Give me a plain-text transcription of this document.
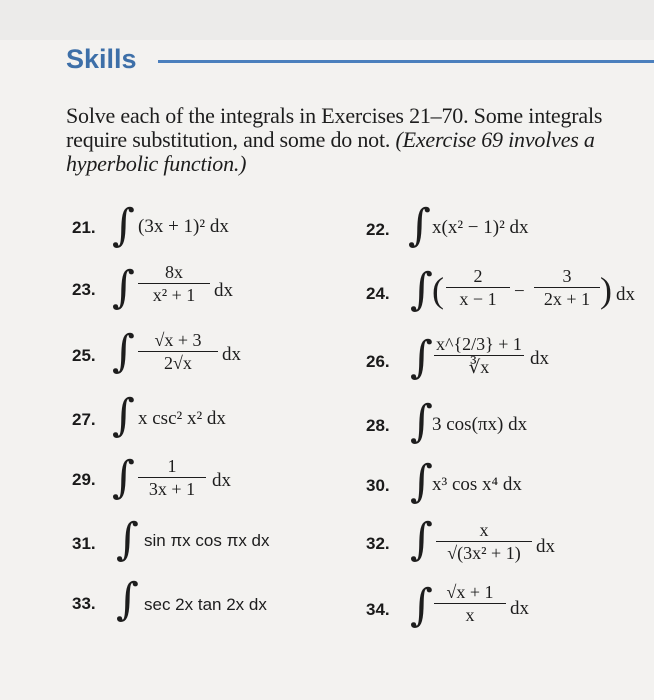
Skills
Solve each of the integrals in Exercises 21–70. Some integrals require substitution, and some do not. (Exercise 69 involves a hyperbolic function.)
21. ∫ (3x + 1)² dx	22. ∫ x(x² − 1)² dx
23. ∫ $\frac{8x}{\text{x² + 1}}$ dx	24. ∫ ( $\frac{2}{x - 1} - \frac{3}{2x + 1}$ ) dx
25. ∫ $\frac{√x + 3}{2√x}$ dx	26. ∫ $\frac{x\^{}\{2/3\} + 1}{∛x}$ dx
27. ∫ x csc² x² dx	28. ∫ 3 cos(πx) dx
29. ∫ $\frac{1}{3x + 1}$ dx	30. ∫ x³ cos x⁴ dx
31. ∫ sin πx cos πx dx	32. ∫ $\frac{x}{\text{√(3x² + 1)}}$ dx
33. ∫ sec 2x tan 2x dx	34. ∫ $\frac{√x + 1}{x}$ dx
